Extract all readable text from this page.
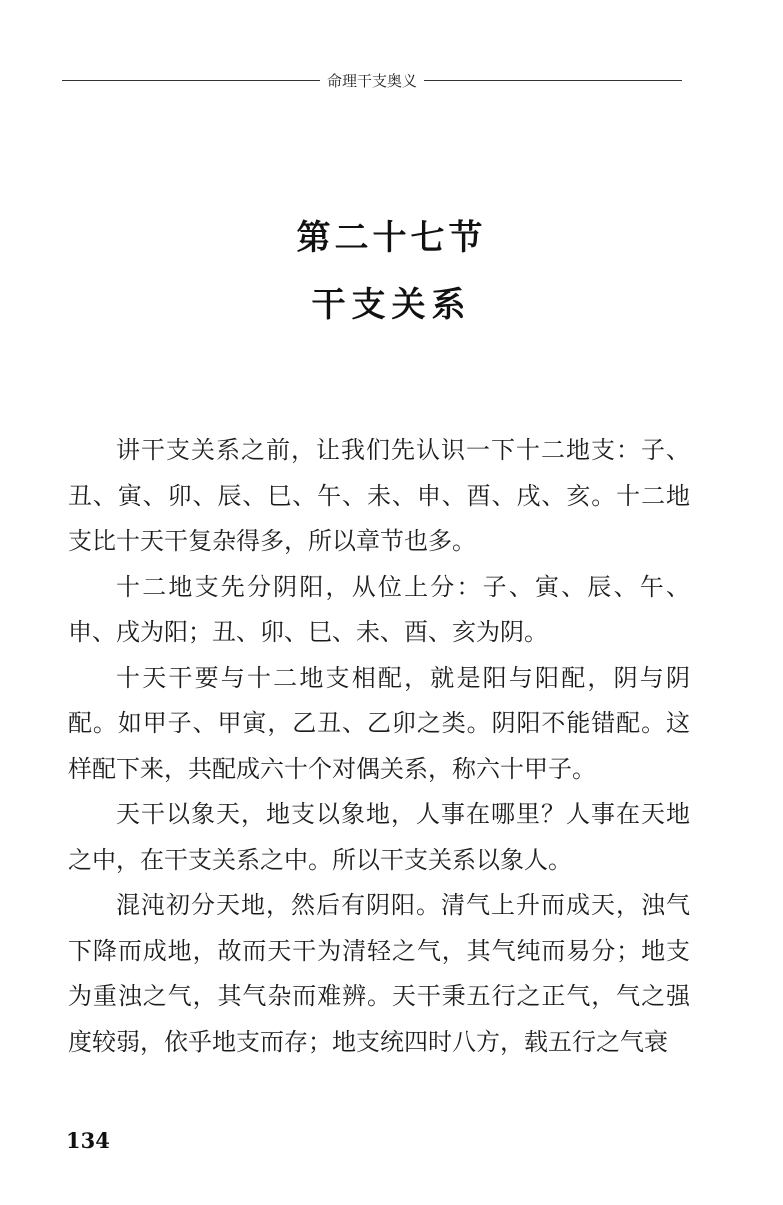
命理干支奥义
第二十七节
干支关系

讲干支关系之前，让我们先认识一下十二地支：子、丑、寅、卯、辰、巳、午、未、申、酉、戌、亥。十二地支比十天干复杂得多，所以章节也多。

十二地支先分阴阳，从位上分：子、寅、辰、午、申、戌为阳；丑、卯、巳、未、酉、亥为阴。

十天干要与十二地支相配，就是阳与阳配，阴与阴配。如甲子、甲寅，乙丑、乙卯之类。阴阳不能错配。这样配下来，共配成六十个对偶关系，称六十甲子。

天干以象天，地支以象地，人事在哪里？人事在天地之中，在干支关系之中。所以干支关系以象人。

混沌初分天地，然后有阴阳。清气上升而成天，浊气下降而成地，故而天干为清轻之气，其气纯而易分；地支为重浊之气，其气杂而难辨。天干秉五行之正气，气之强度较弱，依乎地支而存；地支统四时八方，载五行之气衰

134
